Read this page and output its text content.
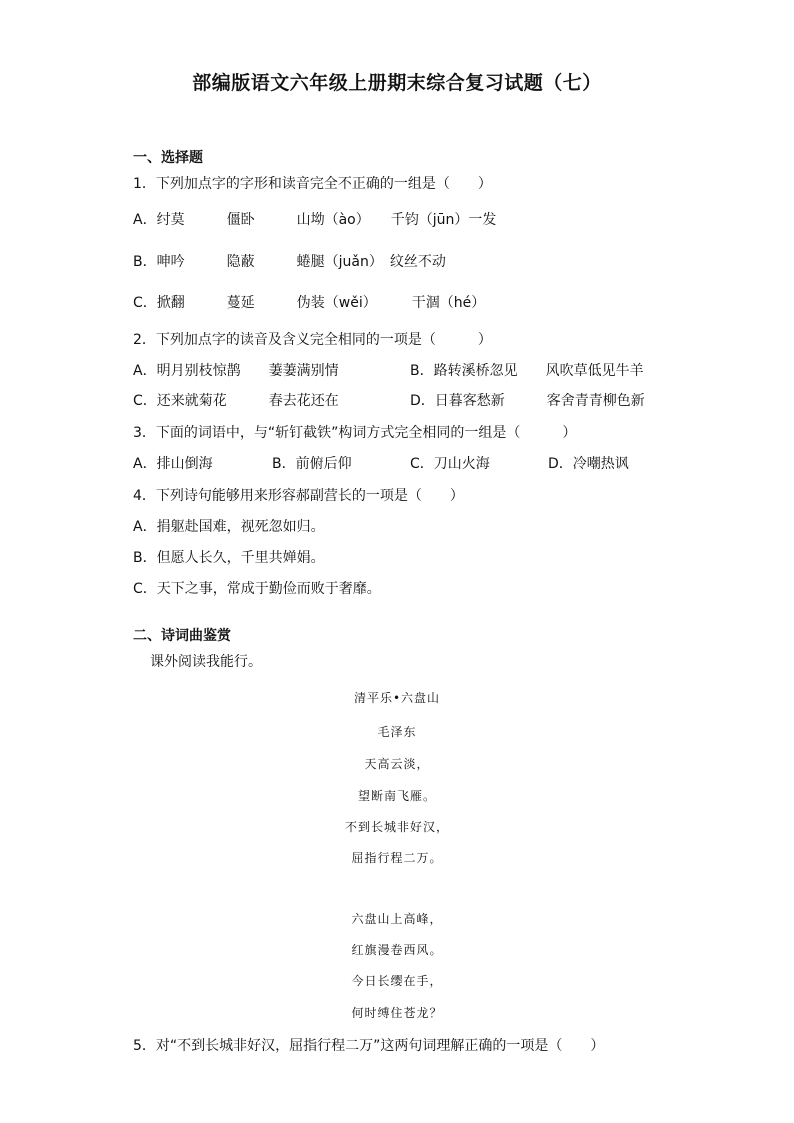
部编版语文六年级上册期末综合复习试题（七）
一、选择题
1．下列加点字的字形和读音完全不正确的一组是（　　）
A．纣莫　　　僵卧　　　山坳（ào）　　千钧（jūn）一发
B．呻吟　　　隐蔽　　　蜷腿（juǎn）　纹丝不动
C．掀翻　　　蔓延　　　伪装（wěi）　　　干涸（hé）
2．下列加点字的读音及含义完全相同的一项是（　　　）
A．明月别枝惊鹊　　萋萋满别情	B．路转溪桥忽见　　风吹草低见牛羊
C．还来就菊花　　　春去花还在	D．日暮客愁新　　　客舍青青柳色新
3．下面的词语中，与“斩钉截铁”构词方式完全相同的一组是（　　　）
A．排山倒海	B．前俯后仰	C．刀山火海	D．冷嘲热讽
4．下列诗句能够用来形容郝副营长的一项是（　　）
A．捐躯赴国难，视死忽如归。
B．但愿人长久，千里共婵娟。
C．天下之事，常成于勤俭而败于奢靡。
二、诗词曲鉴赏
课外阅读我能行。
清平乐•六盘山
毛泽东
天高云淡，
望断南飞雁。
不到长城非好汉，
屈指行程二万。
六盘山上高峰，
红旗漫卷西风。
今日长缨在手，
何时缚住苍龙？
5．对“不到长城非好汉，屈指行程二万”这两句词理解正确的一项是（　　）
